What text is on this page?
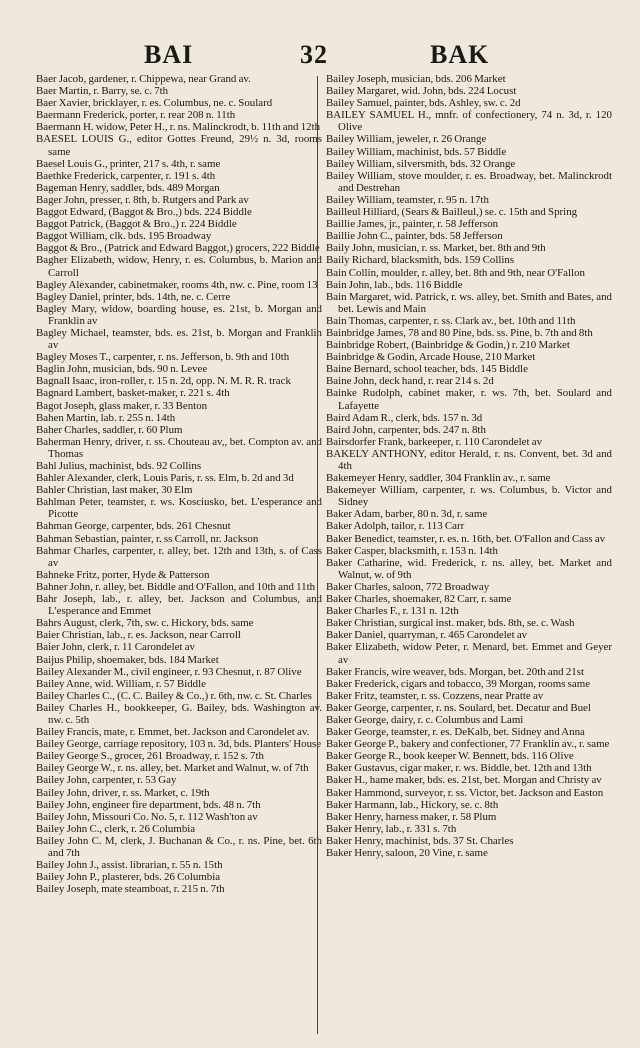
BAI	32	BAK
Baer Jacob, gardener, r. Chippewa, near Grand av.
Baer Martin, r. Barry, se. c. 7th
Baer Xavier, bricklayer, r. es. Columbus, ne. c. Soulard
Baermann Frederick, porter, r. rear 208 n. 11th
Baermann H. widow, Peter H., r. ns. Malinckrodt, b. 11th and 12th
BAESEL LOUIS G., editor Gottes Freund, 29½ n. 3d, rooms same
Baesel Louis G., printer, 217 s. 4th, r. same
Baethke Frederick, carpenter, r. 191 s. 4th
Bageman Henry, saddler, bds. 489 Morgan
Bager John, presser, r. 8th, b. Rutgers and Park av
Baggot Edward, (Baggot & Bro.,) bds. 224 Biddle
Baggot Patrick, (Baggot & Bro.,) r. 224 Biddle
Baggot William, clk. bds. 195 Broadway
Baggot & Bro., (Patrick and Edward Baggot,) grocers, 222 Biddle
Bagher Elizabeth, widow, Henry, r. es. Columbus, b. Marion and Carroll
Bagley Alexander, cabinetmaker, rooms 4th, nw. c. Pine, room 13
Bagley Daniel, printer, bds. 14th, ne. c. Cerre
Bagley Mary, widow, boarding house, es. 21st, b. Morgan and Franklin av
Bagley Michael, teamster, bds. es. 21st, b. Morgan and Franklin av
Bagley Moses T., carpenter, r. ns. Jefferson, b. 9th and 10th
Baglin John, musician, bds. 90 n. Levee
Bagnall Isaac, iron-roller, r. 15 n. 2d, opp. N. M. R. R. track
Bagnard Lambert, basket-maker, r. 221 s. 4th
Bagot Joseph, glass maker, r. 33 Benton
Bahen Martin, lab. r. 255 n. 14th
Baher Charles, saddler, r. 60 Plum
Baherman Henry, driver, r. ss. Chouteau av,, bet. Compton av. and Thomas
Bahl Julius, machinist, bds. 92 Collins
Bahler Alexander, clerk, Louis Paris, r. ss. Elm, b. 2d and 3d
Bahler Christian, last maker, 30 Elm
Bahlman Peter, teamster, r. ws. Kosciusko, bet. L'esperance and Picotte
Bahman George, carpenter, bds. 261 Chesnut
Bahman Sebastian, painter, r. ss Carroll, nr. Jackson
Bahmar Charles, carpenter, r. alley, bet. 12th and 13th, s. of Cass av
Bahneke Fritz, porter, Hyde & Patterson
Bahner John, r. alley, bet. Biddle and O'Fallon, and 10th and 11th
Bahr Joseph, lab., r. alley, bet. Jackson and Columbus, and L'esperance and Emmet
Bahrs August, clerk, 7th, sw. c. Hickory, bds. same
Baier Christian, lab., r. es. Jackson, near Carroll
Baier John, clerk, r. 11 Carondelet av
Baijus Philip, shoemaker, bds. 184 Market
Bailey Alexander M., civil engineer, r. 93 Chesnut, r. 87 Olive
Bailey Anne, wid. William, r. 57 Biddle
Bailey Charles C., (C. C. Bailey & Co.,) r. 6th, nw. c. St. Charles
Bailey Charles H., bookkeeper, G. Bailey, bds. Washington av. nw. c. 5th
Bailey Francis, mate, r. Emmet, bet. Jackson and Carondelet av.
Bailey George, carriage repository, 103 n. 3d, bds. Planters' House
Bailey George S., grocer, 261 Broadway, r. 152 s. 7th
Bailey George W., r. ns. alley, bet. Market and Walnut, w. of 7th
Bailey John, carpenter, r. 53 Gay
Bailey John, driver, r. ss. Market, c. 19th
Bailey John, engineer fire department, bds. 48 n. 7th
Bailey John, Missouri Co. No. 5, r. 112 Wash'ton av
Bailey John C., clerk, r. 26 Columbia
Bailey John C. M, clerk, J. Buchanan & Co., r. ns. Pine, bet. 6th and 7th
Bailey John J., assist. librarian, r. 55 n. 15th
Bailey John P., plasterer, bds. 26 Columbia
Bailey Joseph, mate steamboat, r. 215 n. 7th
Bailey Joseph, musician, bds. 206 Market
Bailey Margaret, wid. John, bds. 224 Locust
Bailey Samuel, painter, bds. Ashley, sw. c. 2d
BAILEY SAMUEL H., mnfr. of confectionery, 74 n. 3d, r. 120 Olive
Bailey William, jeweler, r. 26 Orange
Bailey William, machinist, bds. 57 Biddle
Bailey William, silversmith, bds. 32 Orange
Bailey William, stove moulder, r. es. Broadway, bet. Malinckrodt and Destrehan
Bailey William, teamster, r. 95 n. 17th
Bailleul Hilliard, (Sears & Bailleul,) se. c. 15th and Spring
Baillie James, jr., painter, r. 58 Jefferson
Baillie John C., painter, bds. 58 Jefferson
Baily John, musician, r. ss. Market, bet. 8th and 9th
Baily Richard, blacksmith, bds. 159 Collins
Bain Collin, moulder, r. alley, bet. 8th and 9th, near O'Fallon
Bain John, lab., bds. 116 Biddle
Bain Margaret, wid. Patrick, r. ws. alley, bet. Smith and Bates, and bet. Lewis and Main
Bain Thomas, carpenter, r. ss. Clark av., bet. 10th and 11th
Bainbridge James, 78 and 80 Pine, bds. ss. Pine, b. 7th and 8th
Bainbridge Robert, (Bainbridge & Godin,) r. 210 Market
Bainbridge & Godin, Arcade House, 210 Market
Baine Bernard, school teacher, bds. 145 Biddle
Baine John, deck hand, r. rear 214 s. 2d
Bainke Rudolph, cabinet maker, r. ws. 7th, bet. Soulard and Lafayette
Baird Adam R., clerk, bds. 157 n. 3d
Baird John, carpenter, bds. 247 n. 8th
Bairsdorfer Frank, barkeeper, r. 110 Carondelet av
BAKELY ANTHONY, editor Herald, r. ns. Convent, bet. 3d and 4th
Bakemeyer Henry, saddler, 304 Franklin av., r. same
Bakemeyer William, carpenter, r. ws. Columbus, b. Victor and Sidney
Baker Adam, barber, 80 n. 3d, r. same
Baker Adolph, tailor, r. 113 Carr
Baker Benedict, teamster, r. es. n. 16th, bet. O'Fallon and Cass av
Baker Casper, blacksmith, r. 153 n. 14th
Baker Catharine, wid. Frederick, r. ns. alley, bet. Market and Walnut, w. of 9th
Baker Charles, saloon, 772 Broadway
Baker Charles, shoemaker, 82 Carr, r. same
Baker Charles F., r. 131 n. 12th
Baker Christian, surgical inst. maker, bds. 8th, se. c. Wash
Baker Daniel, quarryman, r. 465 Carondelet av
Baker Elizabeth, widow Peter, r. Menard, bet. Emmet and Geyer av
Baker Francis, wire weaver, bds. Morgan, bet. 20th and 21st
Baker Frederick, cigars and tobacco, 39 Morgan, rooms same
Baker Fritz, teamster, r. ss. Cozzens, near Pratte av
Baker George, carpenter, r. ns. Soulard, bet. Decatur and Buel
Baker George, dairy, r. c. Columbus and Lami
Baker George, teamster, r. es. DeKalb, bet. Sidney and Anna
Baker George P., bakery and confectioner, 77 Franklin av., r. same
Baker George R., book keeper W. Bennett, bds. 116 Olive
Baker Gustavus, cigar maker, r. ws. Biddle, bet. 12th and 13th
Baker H., hame maker, bds. es. 21st, bet. Morgan and Christy av
Baker Hammond, surveyor, r. ss. Victor, bet. Jackson and Easton
Baker Harmann, lab., Hickory, se. c. 8th
Baker Henry, harness maker, r. 58 Plum
Baker Henry, lab., r. 331 s. 7th
Baker Henry, machinist, bds. 37 St. Charles
Baker Henry, saloon, 20 Vine, r. same
